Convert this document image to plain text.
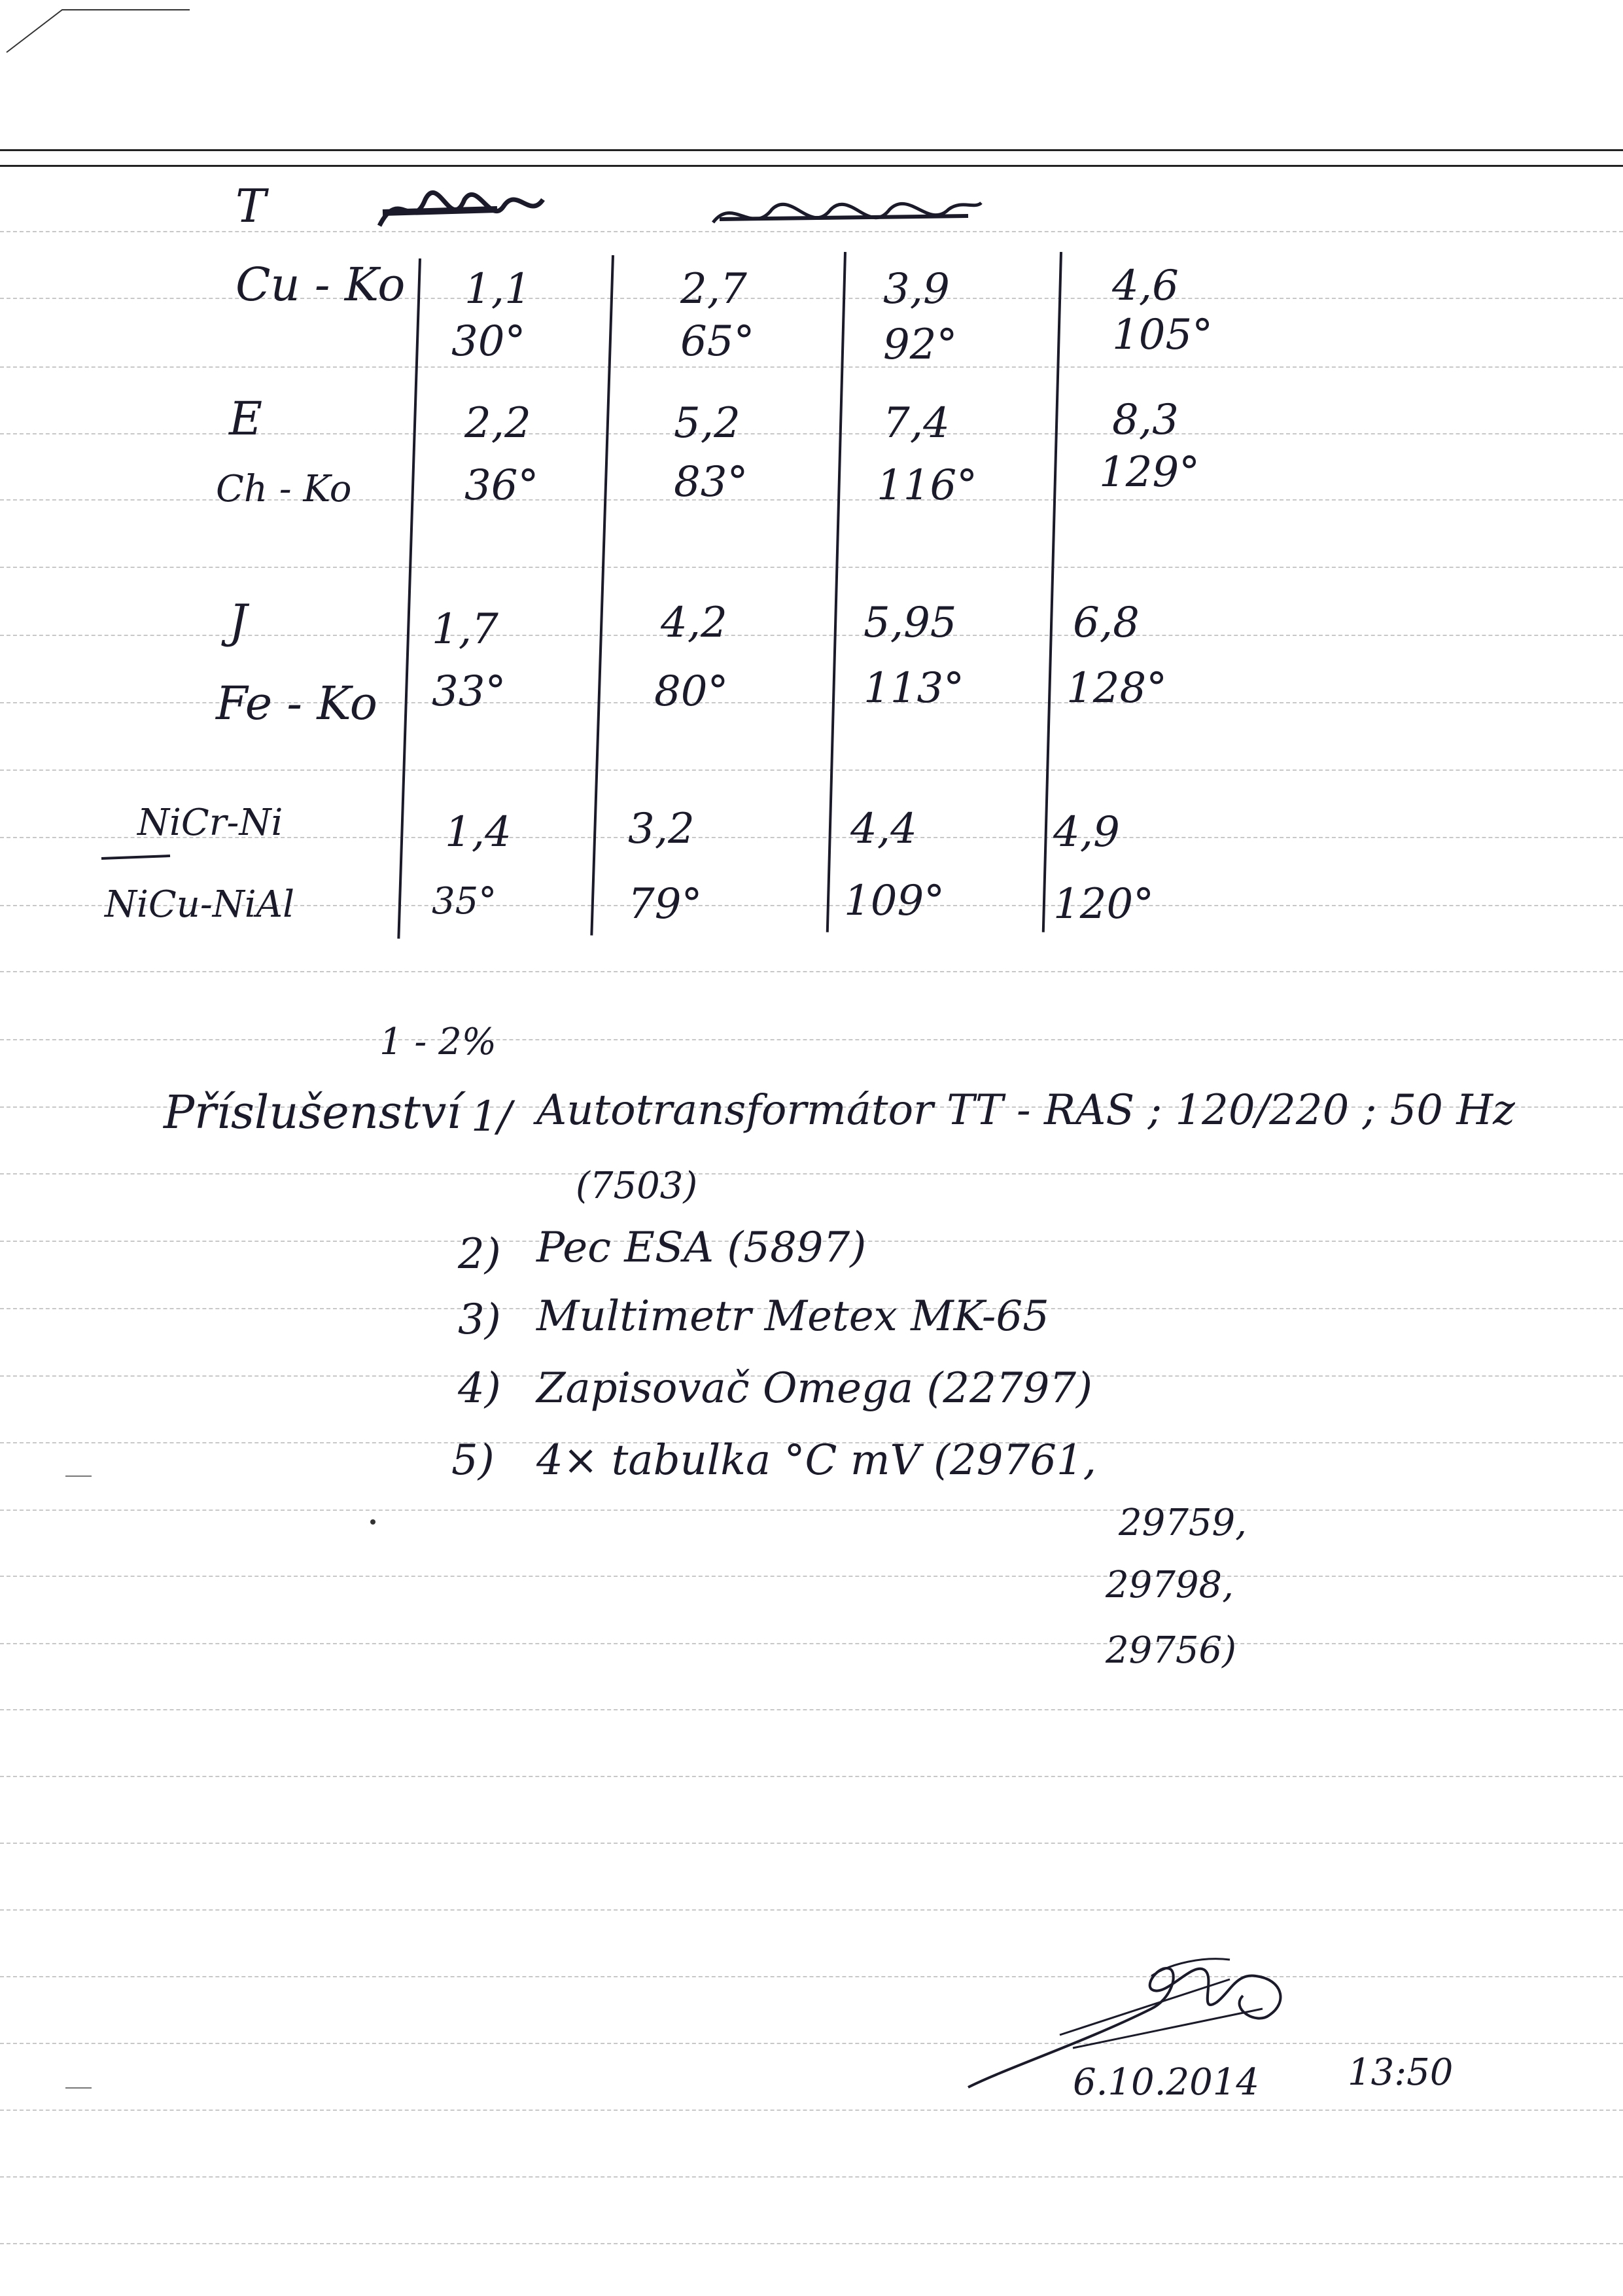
T
Cu - Ko 1,1	2,7	3,9	4,6
30°	65°	92°	105°
E
Ch - Ko
2,2	5,2	7,4	8,3
36°	83°	116°	129°
J
Fe - Ko
1,7	4,2	5,95	6,8
33°	80°	113° 128°
NiCr-Ni
NiCu-NiAl
1,4	3,2	4,4	4,9
35°	79°	109°	120°
1 - 2%
Příslušenství 1/ Autotransformátor TT - RAS ; 120/220 ; 50 Hz
(7503)
2) Pec ESA (5897)
3) Multimetr Metex MK-65
4) Zapisovač Omega (22797)
5) 4× tabulka °C mV (29761,
29759,
29798,
29756)
6.10.2014 13:50
